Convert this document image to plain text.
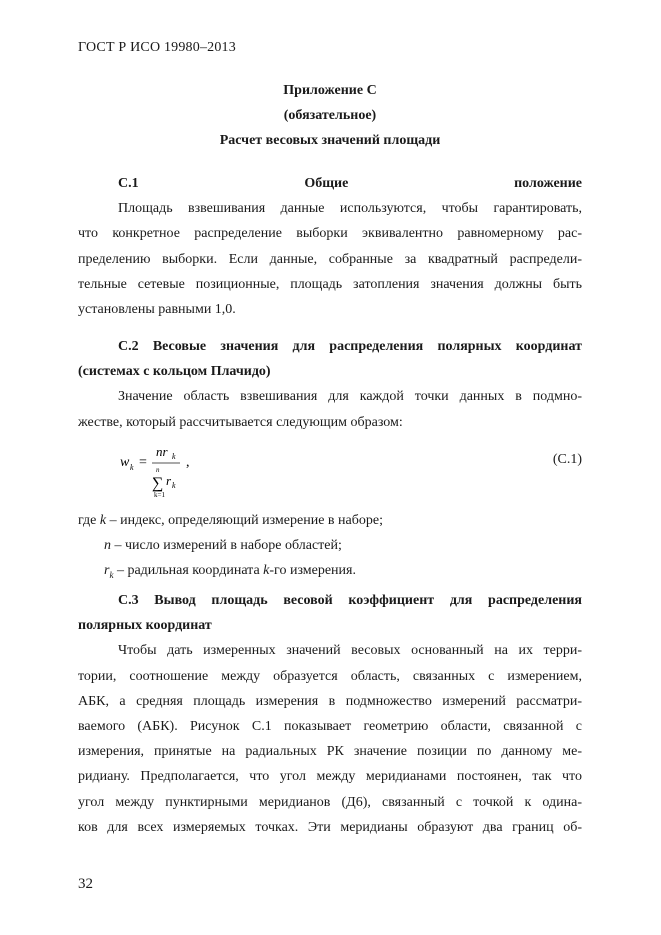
ГОСТ Р ИСО 19980–2013
Приложение С
(обязательное)
Расчет весовых значений площади

С.1 Общие положение

Площадь взвешивания данные используются, чтобы гарантировать,

что конкретное распределение выборки эквивалентно равномерному рас-

пределению выборки. Если данные, собранные за квадратный распредели-

тельные сетевые позиционные, площадь затопления значения должны быть

установлены равными 1,0.

С.2 Весовые значения для распределения полярных координат

(системах с кольцом Плачидо)

Значение область взвешивания для каждой точки данных в подмно-

жестве, который рассчитывается следующим образом:

w k =
nr k
n
∑
k=1
r k
,	(С.1)
где k – индекс, определяющий измерение в наборе;
n – число измерений в наборе областей;
$r_k$ – радильная координата k-го измерения.

С.3 Вывод площадь весовой коэффициент для распределения

полярных координат

Чтобы дать измеренных значений весовых основанный на их терри-

тории, соотношение между образуется область, связанных с измерением,

АБК, а средняя площадь измерения в подмножество измерений рассматри-

ваемого (АБК). Рисунок С.1 показывает геометрию области, связанной с

измерения, принятые на радиальных РК значение позиции по данному ме-

ридиану. Предполагается, что угол между меридианами постоянен, так что

угол между пунктирными меридианов (Д6), связанный с точкой к одина-

ков для всех измеряемых точках. Эти меридианы образуют два границ об-

32
